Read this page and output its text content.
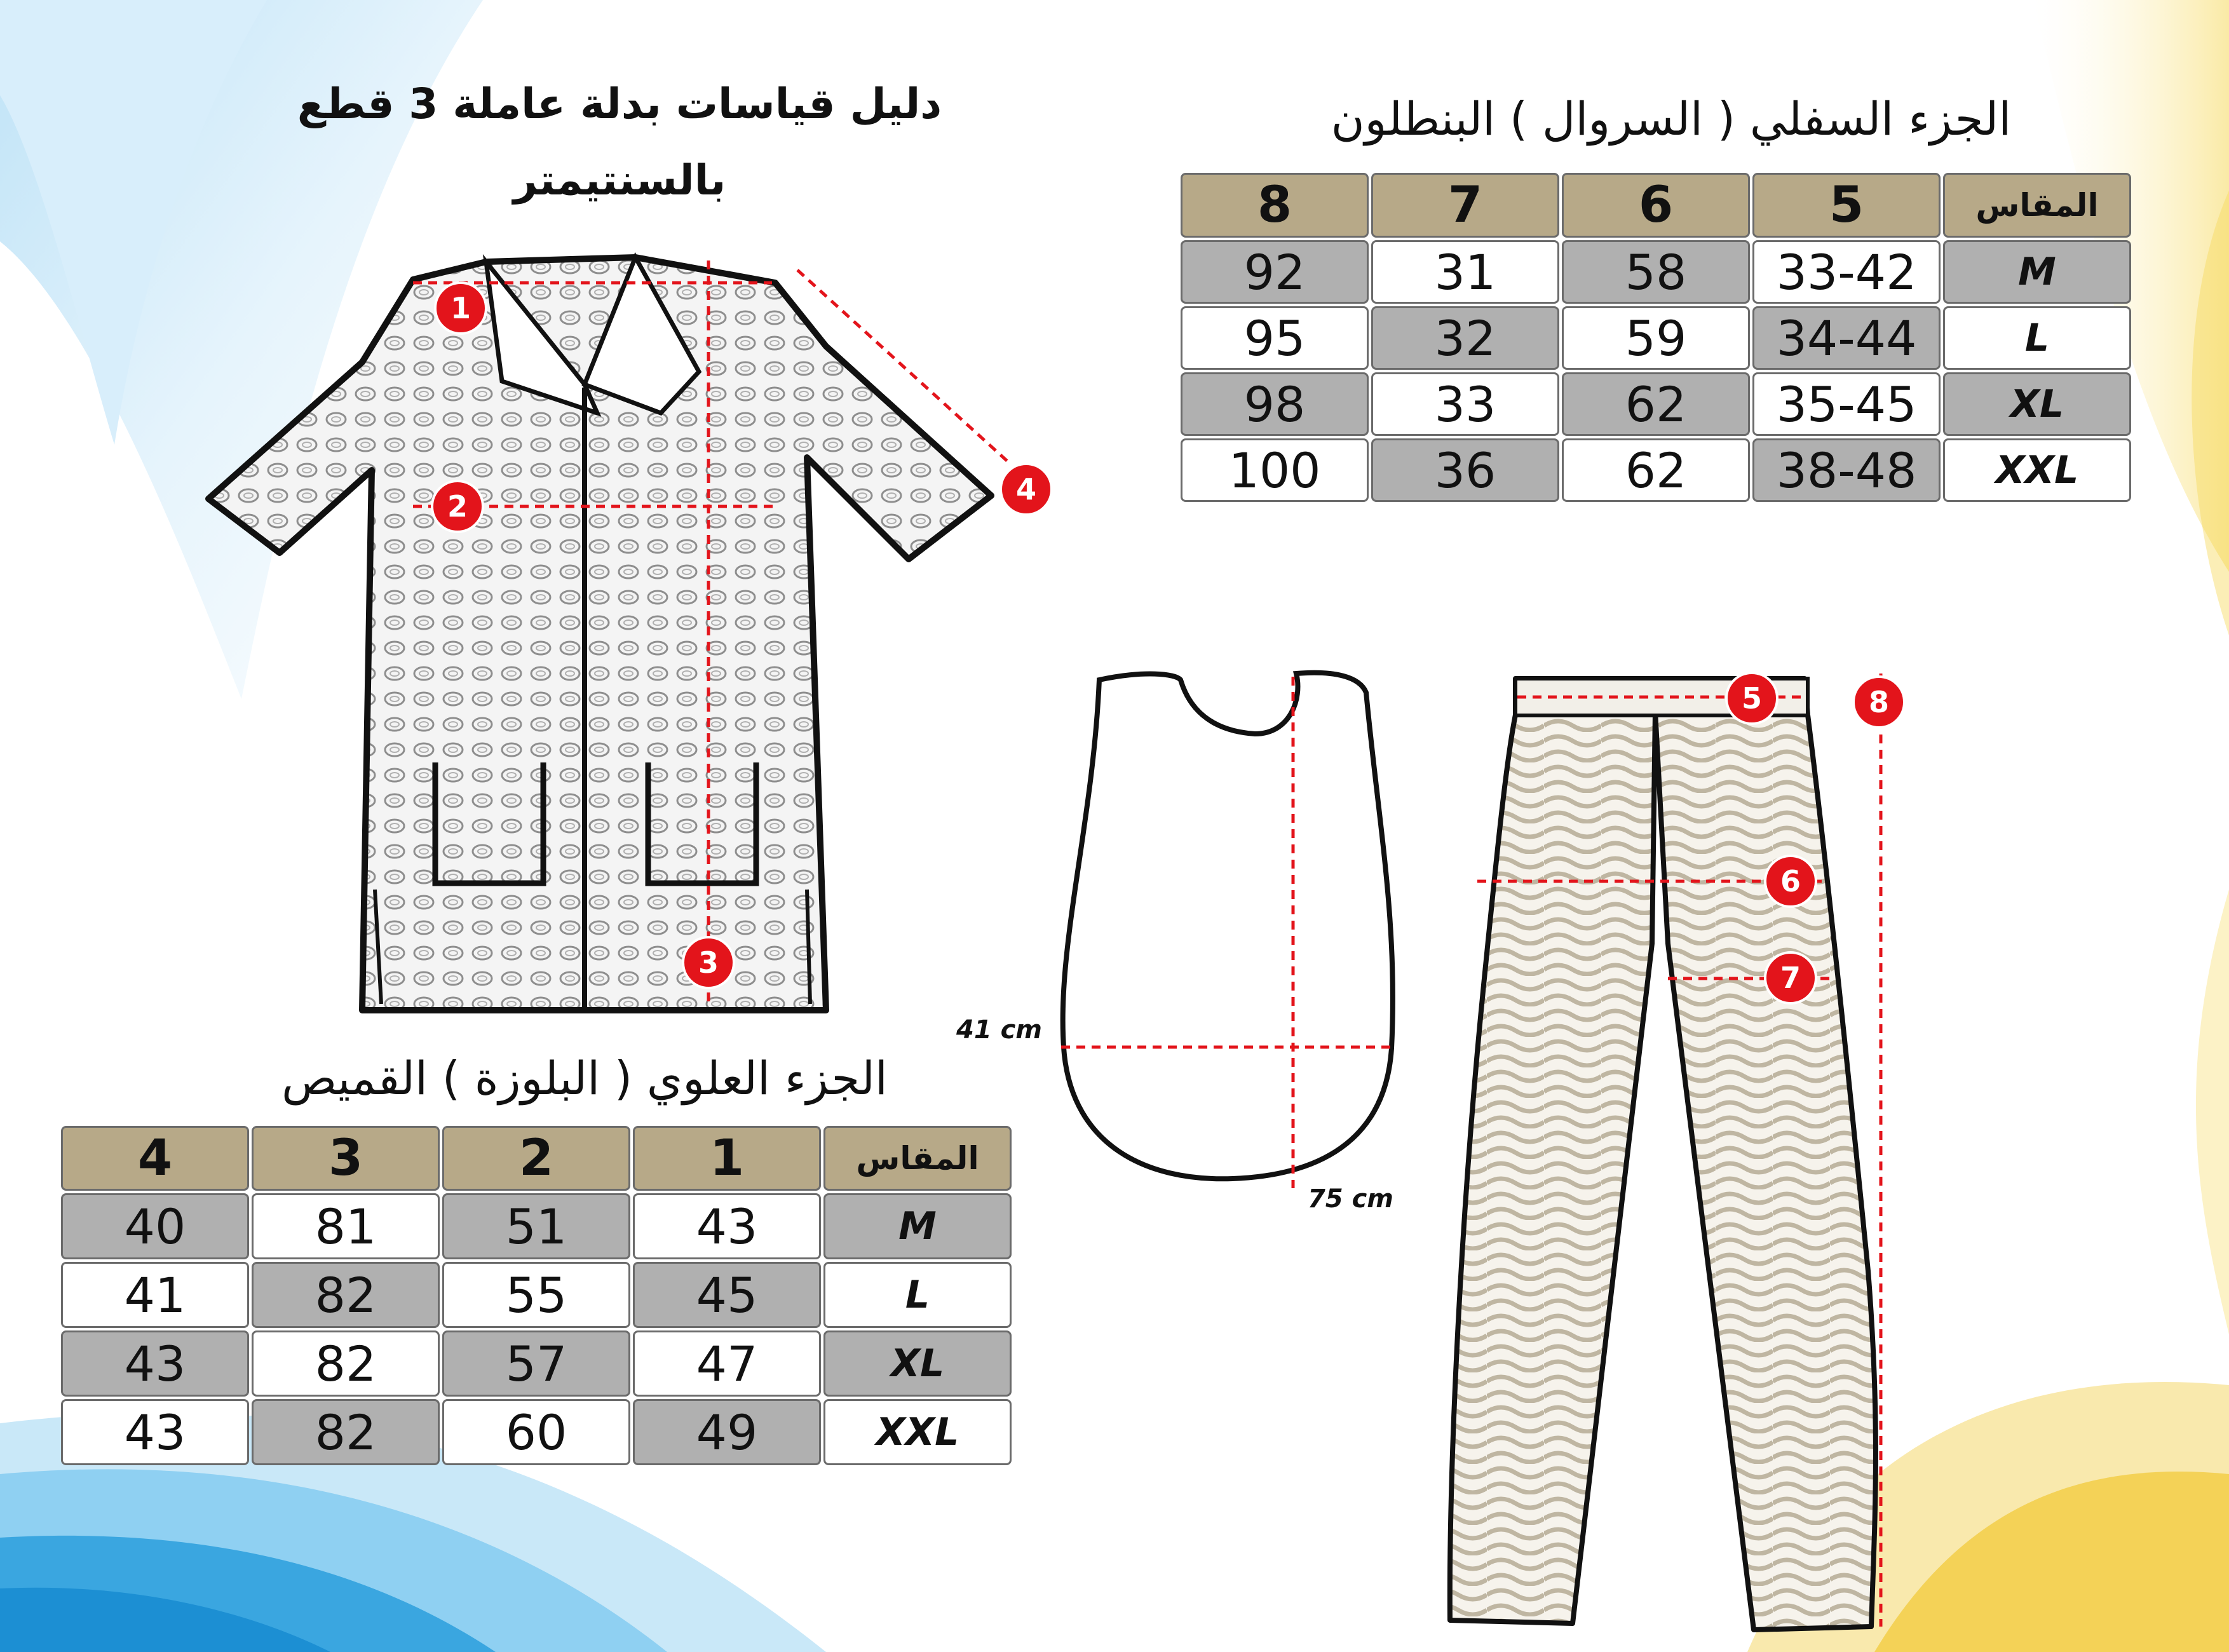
دليل قياسات بدلة عاملة 3 قطع
بالسنتيمتر
الجزء السفلي ( السروال ) البنطلون
الجزء العلوي ( البلوزة ) القميص
8	7	6	5	المقاس
92	31	58	33-42	M
95	32	59	34-44	L
98	33	62	35-45	XL
100	36	62	38-48	XXL
4	3	2	1	المقاس
40	81	51	43	M
41	82	55	45	L
43	82	57	47	XL
43	82	60	49	XXL
1
2
3
4
41 cm
75 cm
5	8
6
7
